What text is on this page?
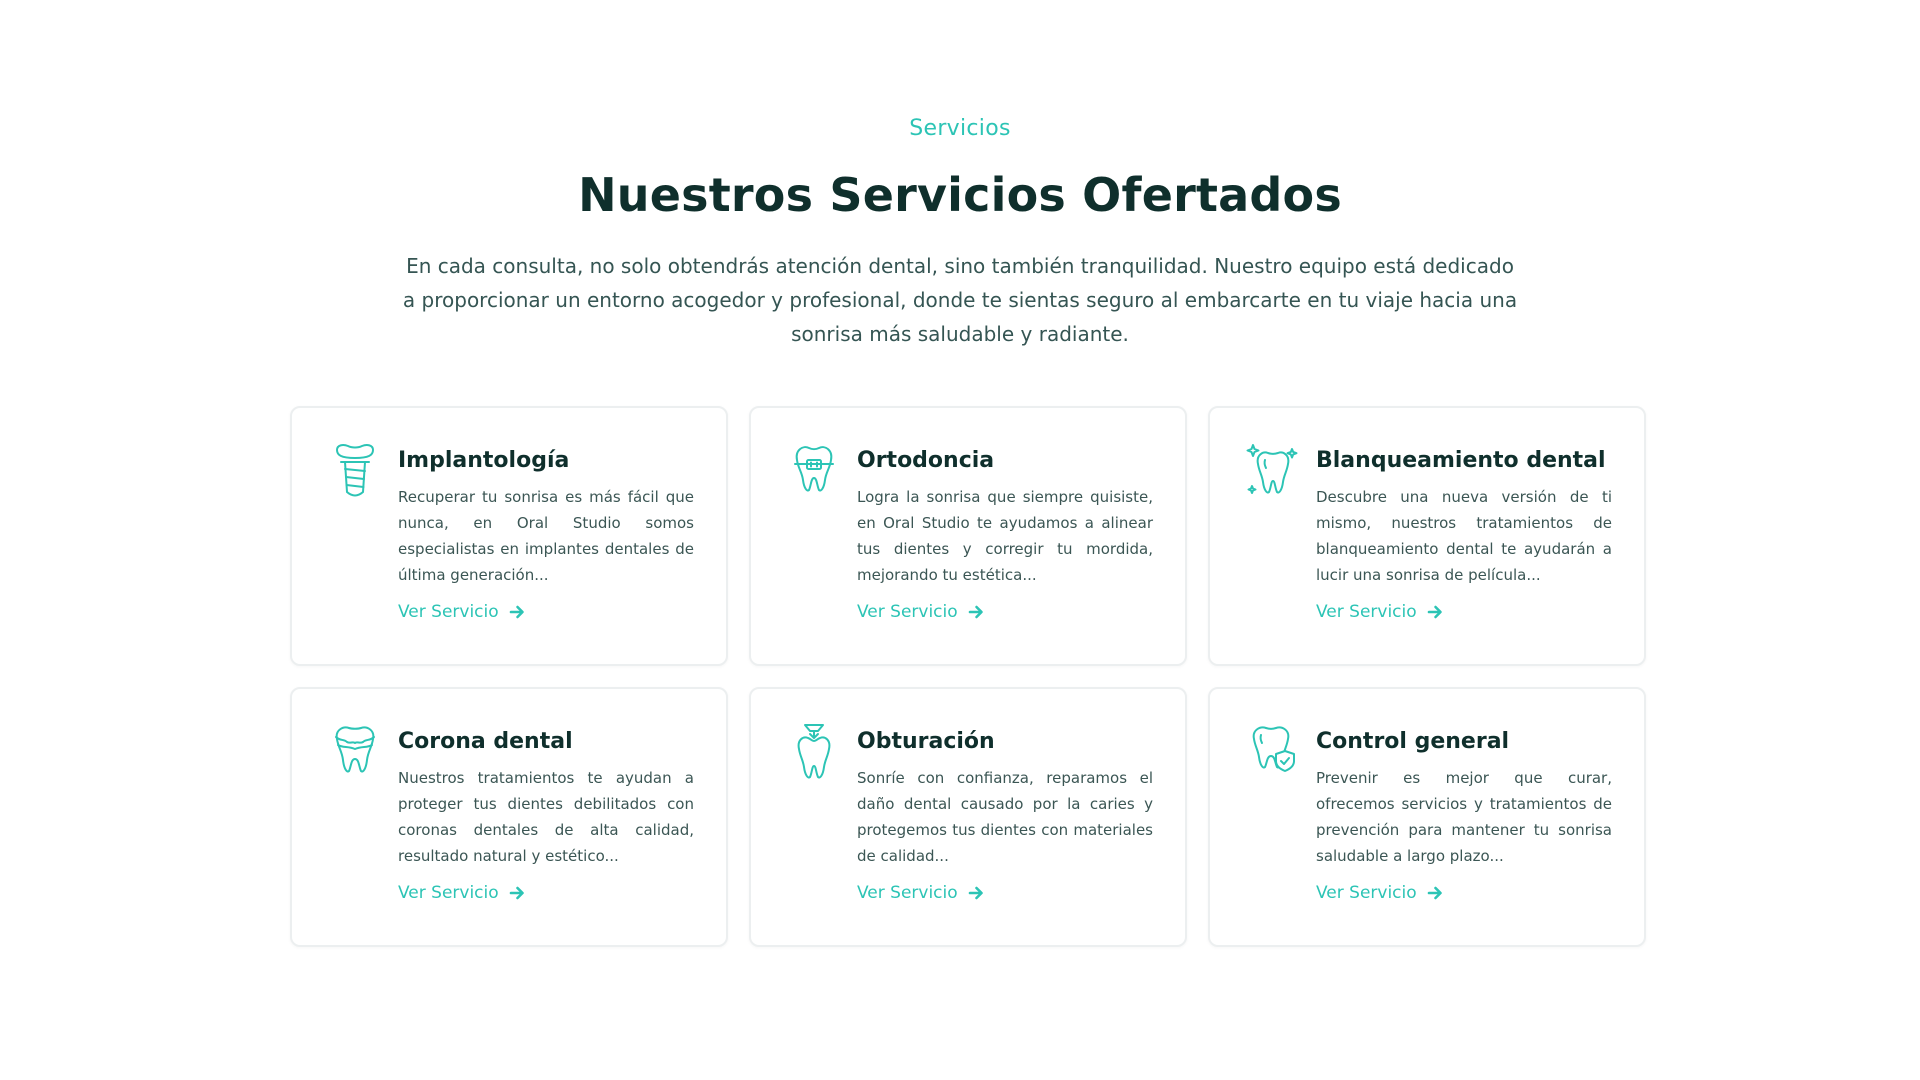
Servicios
Nuestros Servicios Ofertados

En cada consulta, no solo obtendrás atención dental, sino también tranquilidad. Nuestro equipo está dedicado a proporcionar un entorno acogedor y profesional, donde te sientas seguro al embarcarte en tu viaje hacia una sonrisa más saludable y radiante.

Implantología

Recuperar tu sonrisa es más fácil que nunca, en Oral Studio somos especialistas en implantes dentales de última generación...

Ver Servicio
Ortodoncia

Logra la sonrisa que siempre quisiste, en Oral Studio te ayudamos a alinear tus dientes y corregir tu mordida, mejorando tu estética...

Ver Servicio
Blanqueamiento dental

Descubre una nueva versión de ti mismo, nuestros tratamientos de blanqueamiento dental te ayudarán a lucir una sonrisa de película...

Ver Servicio
Corona dental

Nuestros tratamientos te ayudan a proteger tus dientes debilitados con coronas dentales de alta calidad, resultado natural y estético...

Ver Servicio
Obturación

Sonríe con confianza, reparamos el daño dental causado por la caries y protegemos tus dientes con materiales de calidad...

Ver Servicio
Control general

Prevenir es mejor que curar, ofrecemos servicios y tratamientos de prevención para mantener tu sonrisa saludable a largo plazo...

Ver Servicio
